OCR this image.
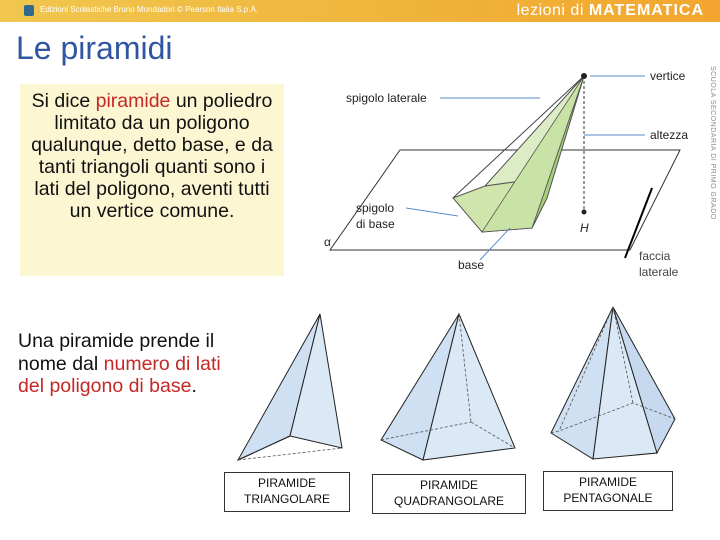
Edizioni Scolastiche Bruno Mondadori © Pearson Italia S.p.A.	lezioni di MATEMATICA
SCUOLA SECONDARIA DI PRIMO GRADO
Le piramidi
Si dice piramide un poliedro limitato da un poligono qualunque, detto base, e da tanti triangoli quanti sono i lati del poligono, aventi tutti un vertice comune.
vertice
spigolo laterale
altezza
spigolo
di base
α
H
base
faccia
laterale
Una piramide prende il nome dal numero di lati del poligono di base.
PIRAMIDE
TRIANGOLARE
PIRAMIDE
QUADRANGOLARE
PIRAMIDE
PENTAGONALE
